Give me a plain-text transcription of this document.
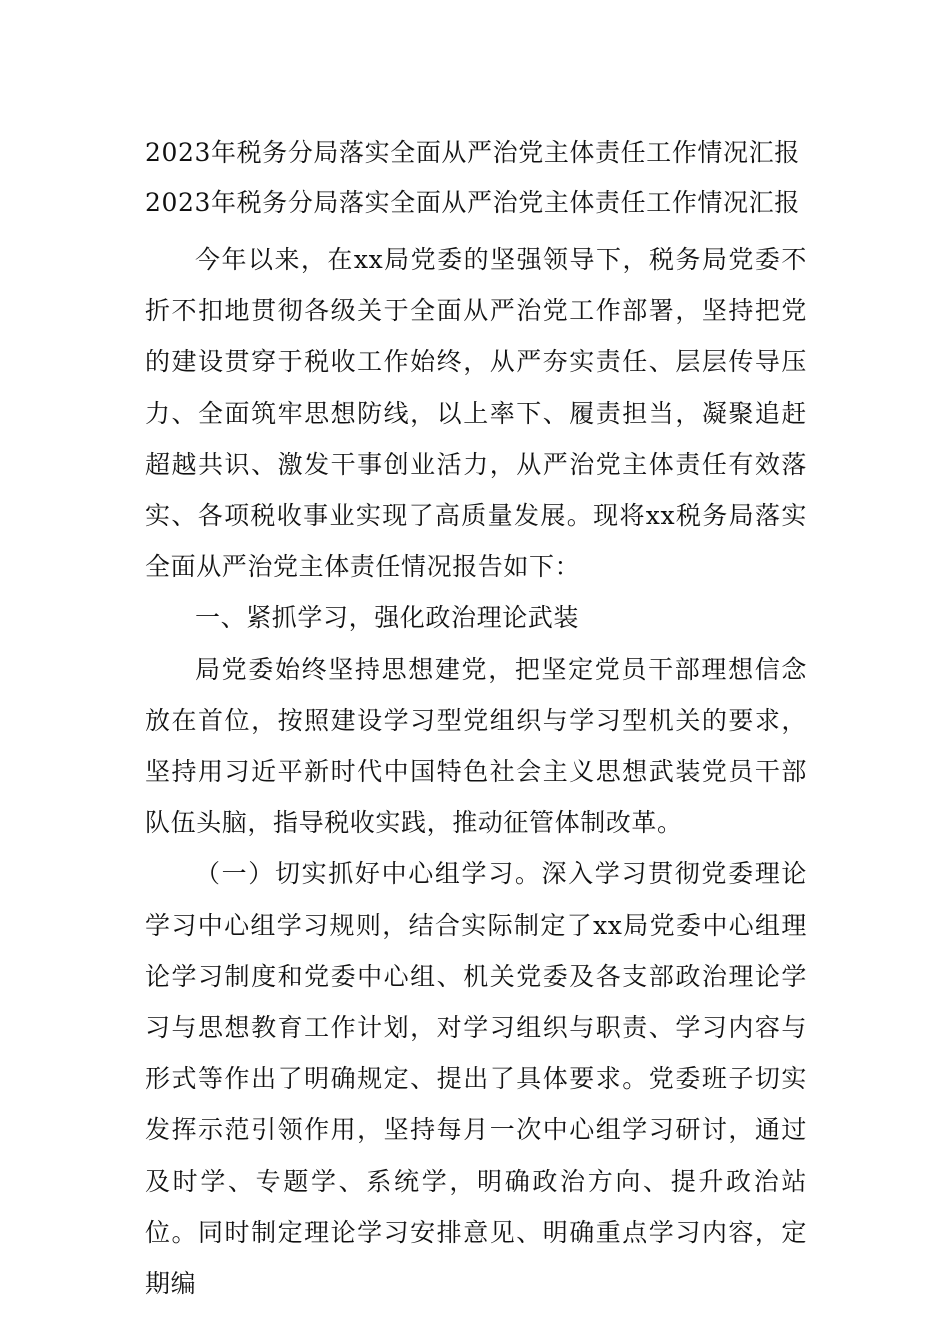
2023年税务分局落实全面从严治党主体责任工作情况汇报
2023年税务分局落实全面从严治党主体责任工作情况汇报

今年以来，在xx局党委的坚强领导下，税务局党委不折不扣地贯彻各级关于全面从严治党工作部署，坚持把党的建设贯穿于税收工作始终，从严夯实责任、层层传导压力、全面筑牢思想防线，以上率下、履责担当，凝聚追赶超越共识、激发干事创业活力，从严治党主体责任有效落实、各项税收事业实现了高质量发展。现将xx税务局落实全面从严治党主体责任情况报告如下：

一、紧抓学习，强化政治理论武装

局党委始终坚持思想建党，把坚定党员干部理想信念放在首位，按照建设学习型党组织与学习型机关的要求，坚持用习近平新时代中国特色社会主义思想武装党员干部队伍头脑，指导税收实践，推动征管体制改革。

（一）切实抓好中心组学习。深入学习贯彻党委理论学习中心组学习规则，结合实际制定了xx局党委中心组理论学习制度和党委中心组、机关党委及各支部政治理论学习与思想教育工作计划，对学习组织与职责、学习内容与形式等作出了明确规定、提出了具体要求。党委班子切实发挥示范引领作用，坚持每月一次中心组学习研讨，通过及时学、专题学、系统学，明确政治方向、提升政治站位。同时制定理论学习安排意见、明确重点学习内容，定期编
